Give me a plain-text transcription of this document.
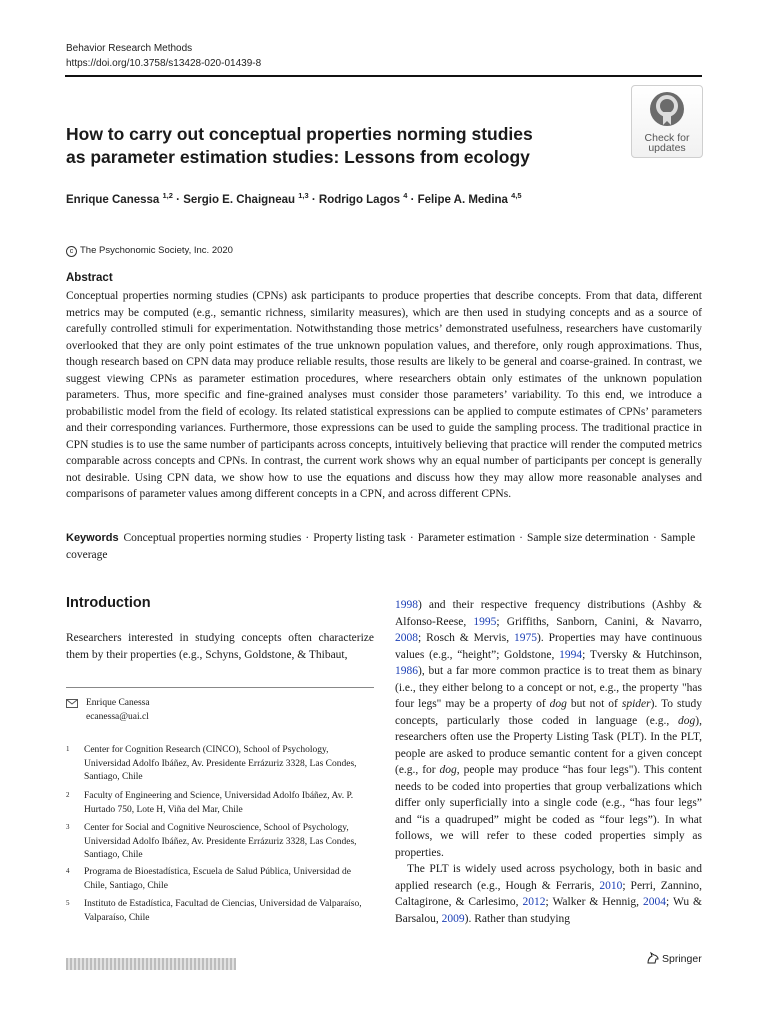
Behavior Research Methods
https://doi.org/10.3758/s13428-020-01439-8
Check for
updates
How to carry out conceptual properties norming studies
as parameter estimation studies: Lessons from ecology
Enrique Canessa $^{1,2}$ · Sergio E. Chaigneau $^{1,3}$ · Rodrigo Lagos $^4$ · Felipe A. Medina $^{4,5}$
c The Psychonomic Society, Inc. 2020
Abstract
Conceptual properties norming studies (CPNs) ask participants to produce properties that describe concepts. From that data, different metrics may be computed (e.g., semantic richness, similarity measures), which are then used in studying concepts and as a source of carefully controlled stimuli for experimentation. Notwithstanding those metrics’ demonstrated usefulness, researchers have customarily overlooked that they are only point estimates of the true unknown population values, and therefore, only rough approximations. Thus, though research based on CPN data may produce reliable results, those results are likely to be general and coarse-grained. In contrast, we suggest viewing CPNs as parameter estimation procedures, where researchers obtain only estimates of the unknown population parameters. Thus, more specific and fine-grained analyses must consider those parameters’ variability. To this end, we introduce a probabilistic model from the field of ecology. Its related statistical expressions can be applied to compute estimates of CPNs’ parameters and their corresponding variances. Furthermore, those expressions can be used to guide the sampling process. The traditional practice in CPN studies is to use the same number of participants across concepts, intuitively believing that practice will render the computed metrics comparable across concepts and CPNs. In contrast, the current work shows why an equal number of participants per concept is generally not desirable. Using CPN data, we show how to use the equations and discuss how they may allow more reasonable analyses and comparisons of parameter values among different concepts in a CPN, and across different CPNs.
Keywords Conceptual properties norming studies · Property listing task · Parameter estimation · Sample size determination · Sample coverage
Introduction
Researchers interested in studying concepts often characterize them by their properties (e.g., Schyns, Goldstone, & Thibaut,
Enrique Canessa
ecanessa@uai.cl
1 Center for Cognition Research (CINCO), School of Psychology, Universidad Adolfo Ibáñez, Av. Presidente Errázuriz 3328, Las Condes, Santiago, Chile
2 Faculty of Engineering and Science, Universidad Adolfo Ibáñez, Av. P. Hurtado 750, Lote H, Viña del Mar, Chile
3 Center for Social and Cognitive Neuroscience, School of Psychology, Universidad Adolfo Ibáñez, Av. Presidente Errázuriz 3328, Las Condes, Santiago, Chile
4 Programa de Bioestadística, Escuela de Salud Pública, Universidad de Chile, Santiago, Chile
5 Instituto de Estadística, Facultad de Ciencias, Universidad de Valparaíso, Valparaíso, Chile

1998) and their respective frequency distributions (Ashby & Alfonso-Reese, 1995; Griffiths, Sanborn, Canini, & Navarro, 2008; Rosch & Mervis, 1975). Properties may have continuous values (e.g., “height”; Goldstone, 1994; Tversky & Hutchinson, 1986), but a far more common practice is to treat them as binary (i.e., they either belong to a concept or not, e.g., the property "has four legs" may be a property of dog but not of spider). To study concepts, particularly those coded in language (e.g., dog), researchers often use the Property Listing Task (PLT). In the PLT, people are asked to produce semantic content for a given concept (e.g., for dog, people may produce “has four legs"). This content needs to be coded into properties that group verbalizations which differ only superficially into a single code (e.g., “has four legs” and “is a quadruped” might be coded as “four legs”). In what follows, we will refer to these coded properties simply as properties.

The PLT is widely used across psychology, both in basic and applied research (e.g., Hough & Ferraris, 2010; Perri, Zannino, Caltagirone, & Carlesimo, 2012; Walker & Hennig, 2004; Wu & Barsalou, 2009). Rather than studying

Springer
